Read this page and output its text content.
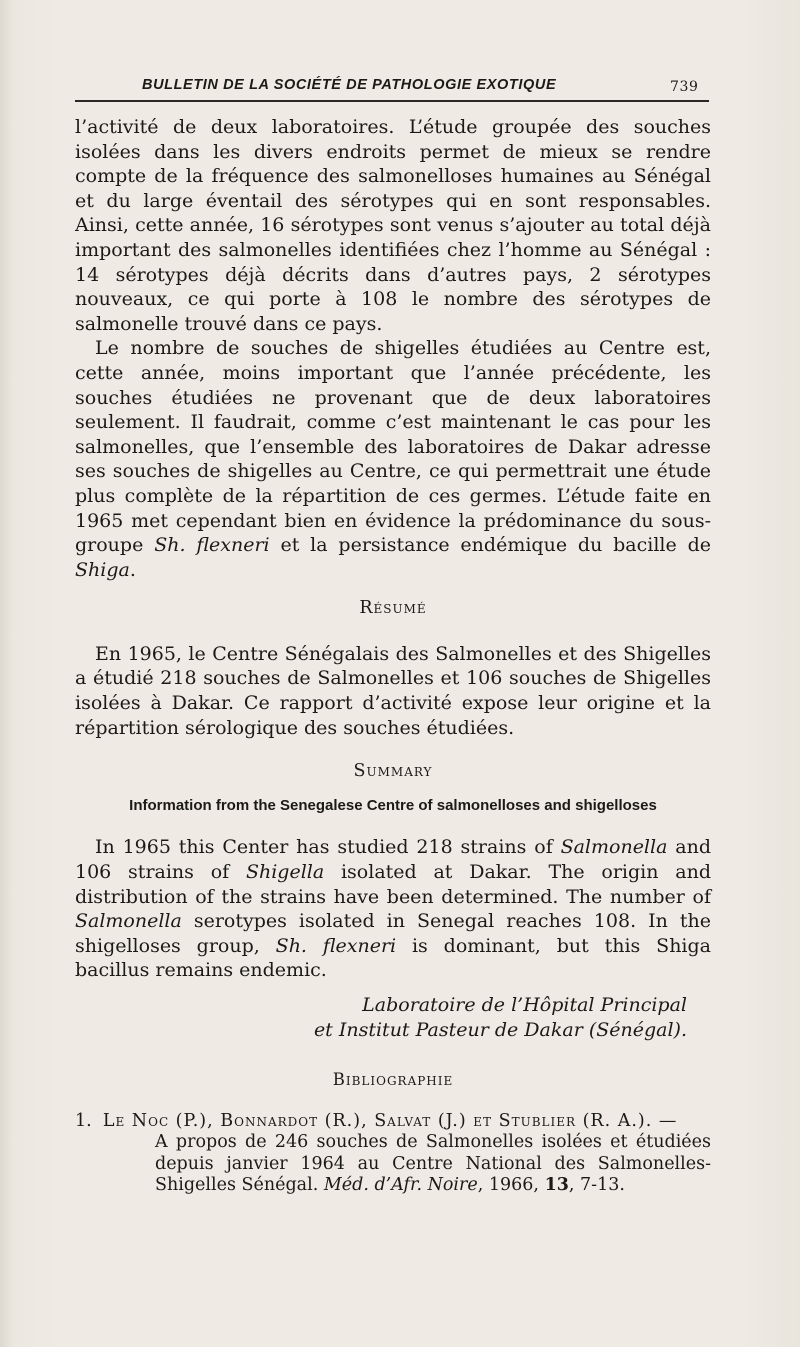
BULLETIN DE LA SOCIÉTÉ DE PATHOLOGIE EXOTIQUE	739

l’activité de deux laboratoires. L’étude groupée des souches isolées dans les divers endroits permet de mieux se rendre compte de la fréquence des salmonelloses humaines au Sénégal et du large éventail des sérotypes qui en sont responsables. Ainsi, cette année, 16 sérotypes sont venus s’ajouter au total déjà important des salmonelles identifiées chez l’homme au Sénégal : 14 sérotypes déjà décrits dans d’autres pays, 2 sérotypes nouveaux, ce qui porte à 108 le nombre des sérotypes de salmonelle trouvé dans ce pays.

Le nombre de souches de shigelles étudiées au Centre est, cette année, moins important que l’année précédente, les souches étudiées ne provenant que de deux laboratoires seulement. Il faudrait, comme c’est maintenant le cas pour les salmonelles, que l’ensemble des laboratoires de Dakar adresse ses souches de shigelles au Centre, ce qui permettrait une étude plus complète de la répartition de ces germes. L’étude faite en 1965 met cependant bien en évidence la prédominance du sous-groupe Sh. flexneri et la persistance endémique du bacille de Shiga.

Résumé

En 1965, le Centre Sénégalais des Salmonelles et des Shigelles a étudié 218 souches de Salmonelles et 106 souches de Shigelles isolées à Dakar. Ce rapport d’activité expose leur origine et la répartition sérologique des souches étudiées.

Summary

Information from the Senegalese Centre of salmonelloses and shigelloses

In 1965 this Center has studied 218 strains of Salmonella and 106 strains of Shigella isolated at Dakar. The origin and distribution of the strains have been determined. The number of Salmonella serotypes isolated in Senegal reaches 108. In the shigelloses group, Sh. flexneri is dominant, but this Shiga bacillus remains endemic.

Laboratoire de l’Hôpital Principal
et Institut Pasteur de Dakar (Sénégal).

Bibliographie

1. Le Noc (P.), Bonnardot (R.), Salvat (J.) et Stublier (R. A.). —
A propos de 246 souches de Salmonelles isolées et étudiées depuis janvier 1964 au Centre National des Salmonelles-Shigelles Sénégal. Méd. d’Afr. Noire, 1966, 13, 7-13.
